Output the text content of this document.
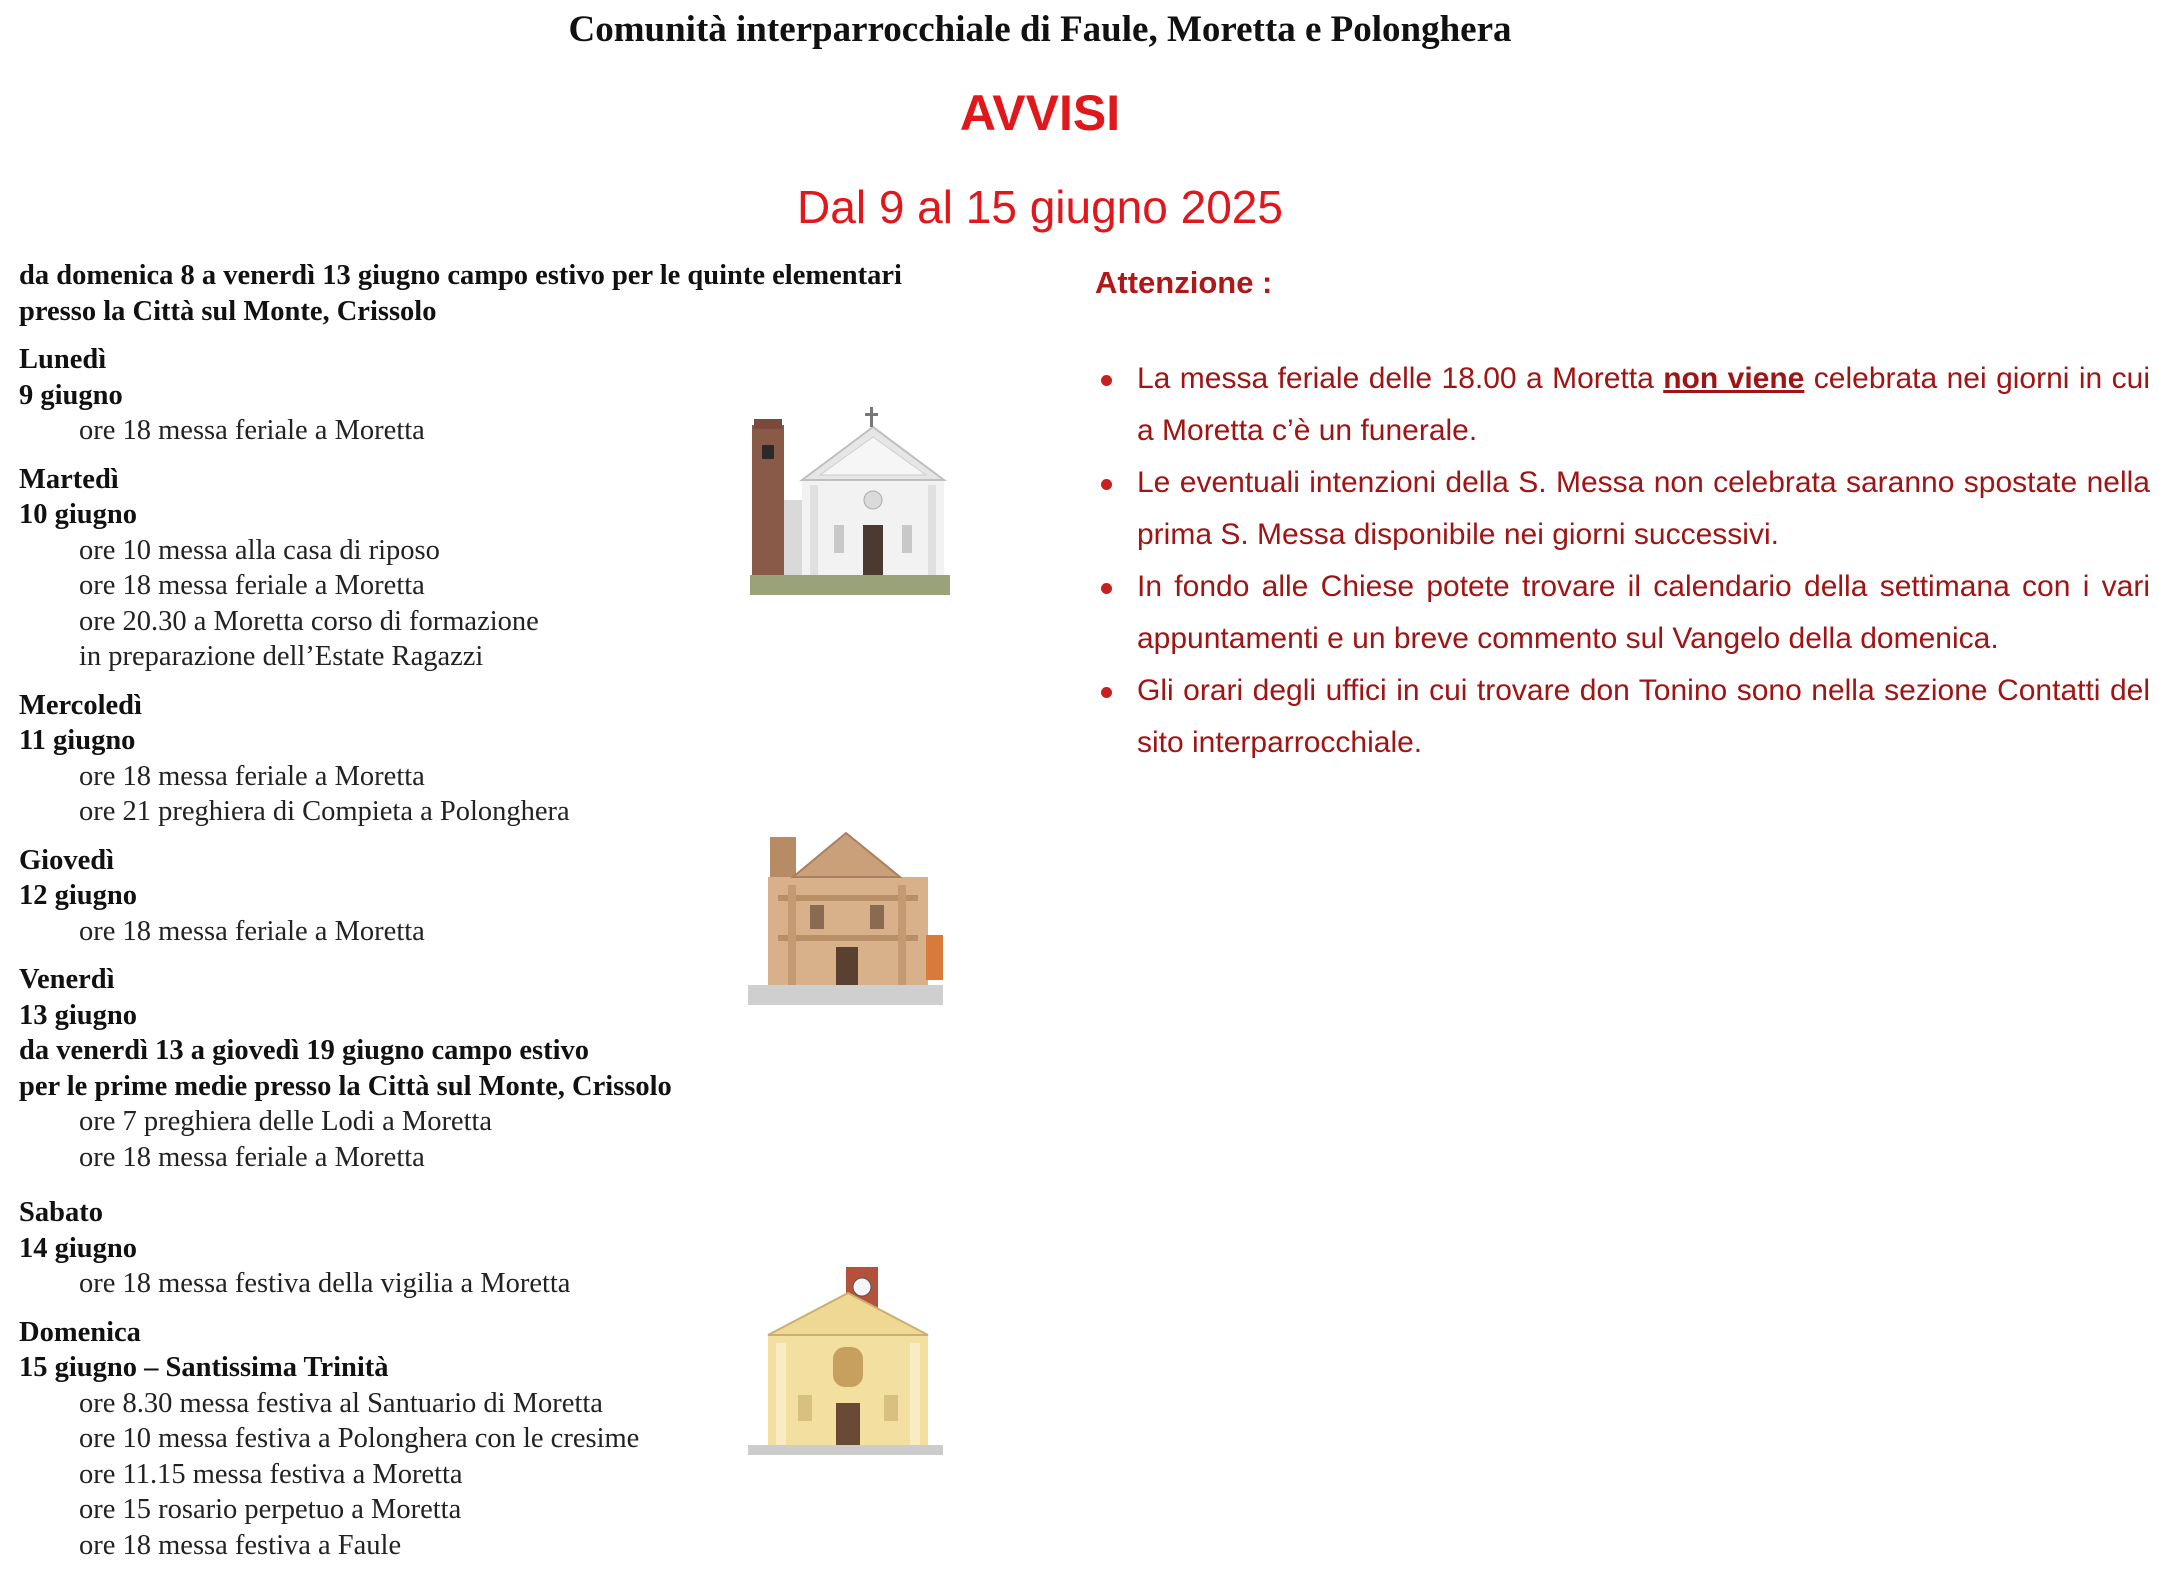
Comunità interparrocchiale di Faule, Moretta e Polonghera
AVVISI
Dal 9 al 15 giugno 2025
da domenica 8 a venerdì 13 giugno campo estivo per le quinte elementari
presso la Città sul Monte, Crissolo
Lunedì
9 giugno
ore 18 messa feriale a Moretta
Martedì
10 giugno
ore 10 messa alla casa di riposo
ore 18 messa feriale a Moretta
ore 20.30 a Moretta corso di formazione
in preparazione dell’Estate Ragazzi
Mercoledì
11 giugno
ore 18 messa feriale a Moretta
ore 21 preghiera di Compieta a Polonghera
Giovedì
12 giugno
ore 18 messa feriale a Moretta
Venerdì
13 giugno
da venerdì 13 a giovedì 19 giugno campo estivo
per le prime medie presso la Città sul Monte, Crissolo
ore 7 preghiera delle Lodi a Moretta
ore 18 messa feriale a Moretta
Sabato
14 giugno
ore 18 messa festiva della vigilia a Moretta
Domenica
15 giugno – Santissima Trinità
ore 8.30 messa festiva al Santuario di Moretta
ore 10 messa festiva a Polonghera con le cresime
ore 11.15 messa festiva a Moretta
ore 15 rosario perpetuo a Moretta
ore 18 messa festiva a Faule
Attenzione :
La messa feriale delle 18.00 a Moretta non viene celebrata nei giorni in cui a Moretta c’è un funerale.
Le eventuali intenzioni della S. Messa non celebrata saranno spostate nella prima S. Messa disponibile nei giorni successivi.
In fondo alle Chiese potete trovare il calendario della settimana con i vari appuntamenti e un breve commento sul Vangelo della domenica.
Gli orari degli uffici in cui trovare don Tonino sono nella sezione Contatti del sito interparrocchiale.
